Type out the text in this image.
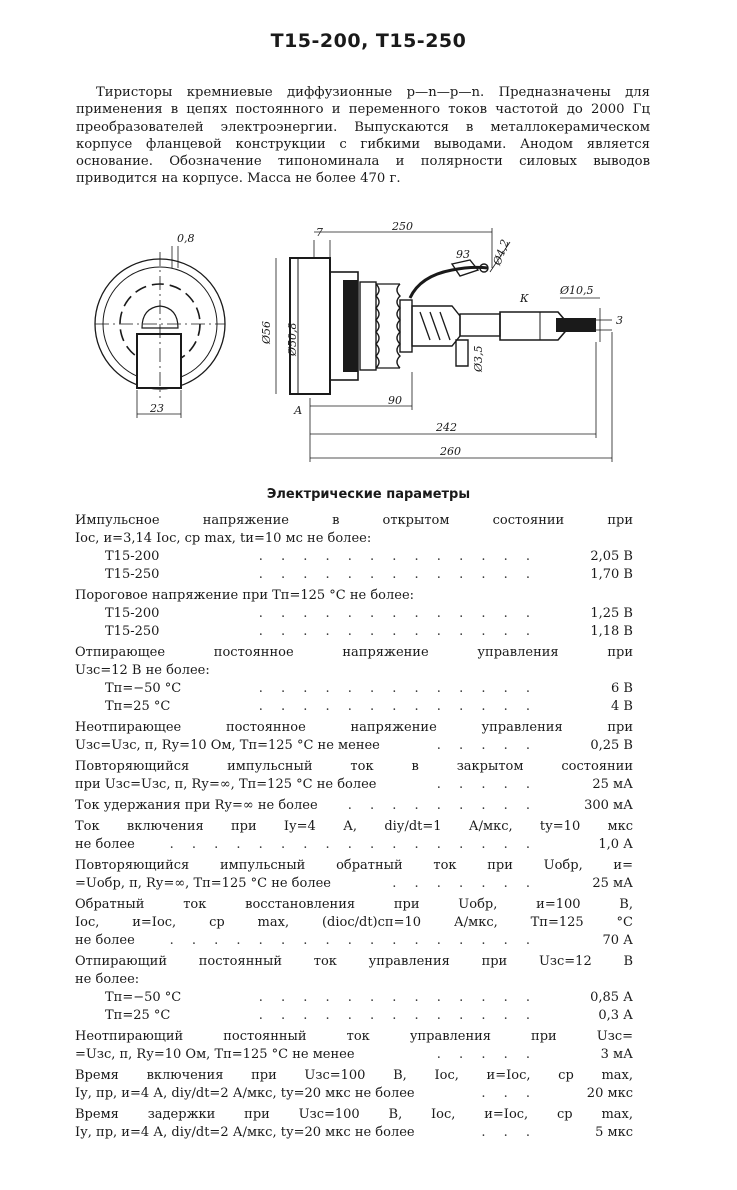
Т15-200, Т15-250

Тиристоры кремниевые диффузионные p—n—p—n. Предназначены для применения в цепях постоянного и переменного токов частотой до 2000 Гц преобразователей электроэнергии. Выпускаются в металлокерамическом корпусе фланцевой конструкции с гибкими выводами. Анодом является основание. Обозначение типономинала и полярности силовых выводов приводится на корпусе. Масса не более 470 г.

0,8
23
250
7
93 Ø4,2
Ø10,5
Ø56 Ø50,8
Ø3,5
К
3
А
90
242
260
Электрические параметры
Импульсное напряжение в открытом состоянии при
Iос, и=3,14 Iос, ср max, tи=10 мс не более:
Т15-200	. . . . . . . . . . . . .	2,05 В
Т15-250	. . . . . . . . . . . . .	1,70 В
Пороговое напряжение при Tп=125 °С не более:
Т15-200	. . . . . . . . . . . . .	1,25 В
Т15-250	. . . . . . . . . . . . .	1,18 В
Отпирающее постоянное напряжение управления при
Uзс=12 В не более:
Tп=−50 °С	. . . . . . . . . . . . .	6 В
Tп=25 °С	. . . . . . . . . . . . .	4 В
Неотпирающее постоянное напряжение управления при
Uзс=Uзс, п, Rу=10 Ом, Tп=125 °С не менее	. . . . .	0,25 В
Повторяющийся импульсный ток в закрытом состоянии
при Uзс=Uзс, п, Rу=∞, Tп=125 °С не более	. . . . .	25 мА
Ток удержания при Rу=∞ не более	. . . . . . . . .	300 мА
Ток включения при Iу=4 А, diу/dt=1 А/мкс, tу=10 мкс
не более	. . . . . . . . . . . . . . . . .	1,0 А
Повторяющийся импульсный обратный ток при Uобр, и=
=Uобр, п, Rу=∞, Tп=125 °С не более	. . . . . . .	25 мА
Обратный ток восстановления при Uобр, и=100 В,
Iос, и=Iос, ср max, (diос/dt)сп=10 А/мкс, Tп=125 °С
не более	. . . . . . . . . . . . . . . . .	70 А
Отпирающий постоянный ток управления при Uзс=12 В
не более:
Tп=−50 °С	. . . . . . . . . . . . .	0,85 А
Tп=25 °С	. . . . . . . . . . . . .	0,3 А
Неотпирающий постоянный ток управления при Uзс=
=Uзс, п, Rу=10 Ом, Tп=125 °С не менее	. . . . .	3 мА
Время включения при Uзс=100 В, Iос, и=Iос, ср max,
Iу, пр, и=4 А, diу/dt=2 А/мкс, tу=20 мкс не более	. . .	20 мкс
Время задержки при Uзс=100 В, Iос, и=Iос, ср max,
Iу, пр, и=4 А, diу/dt=2 А/мкс, tу=20 мкс не более	. . .	5 мкс
